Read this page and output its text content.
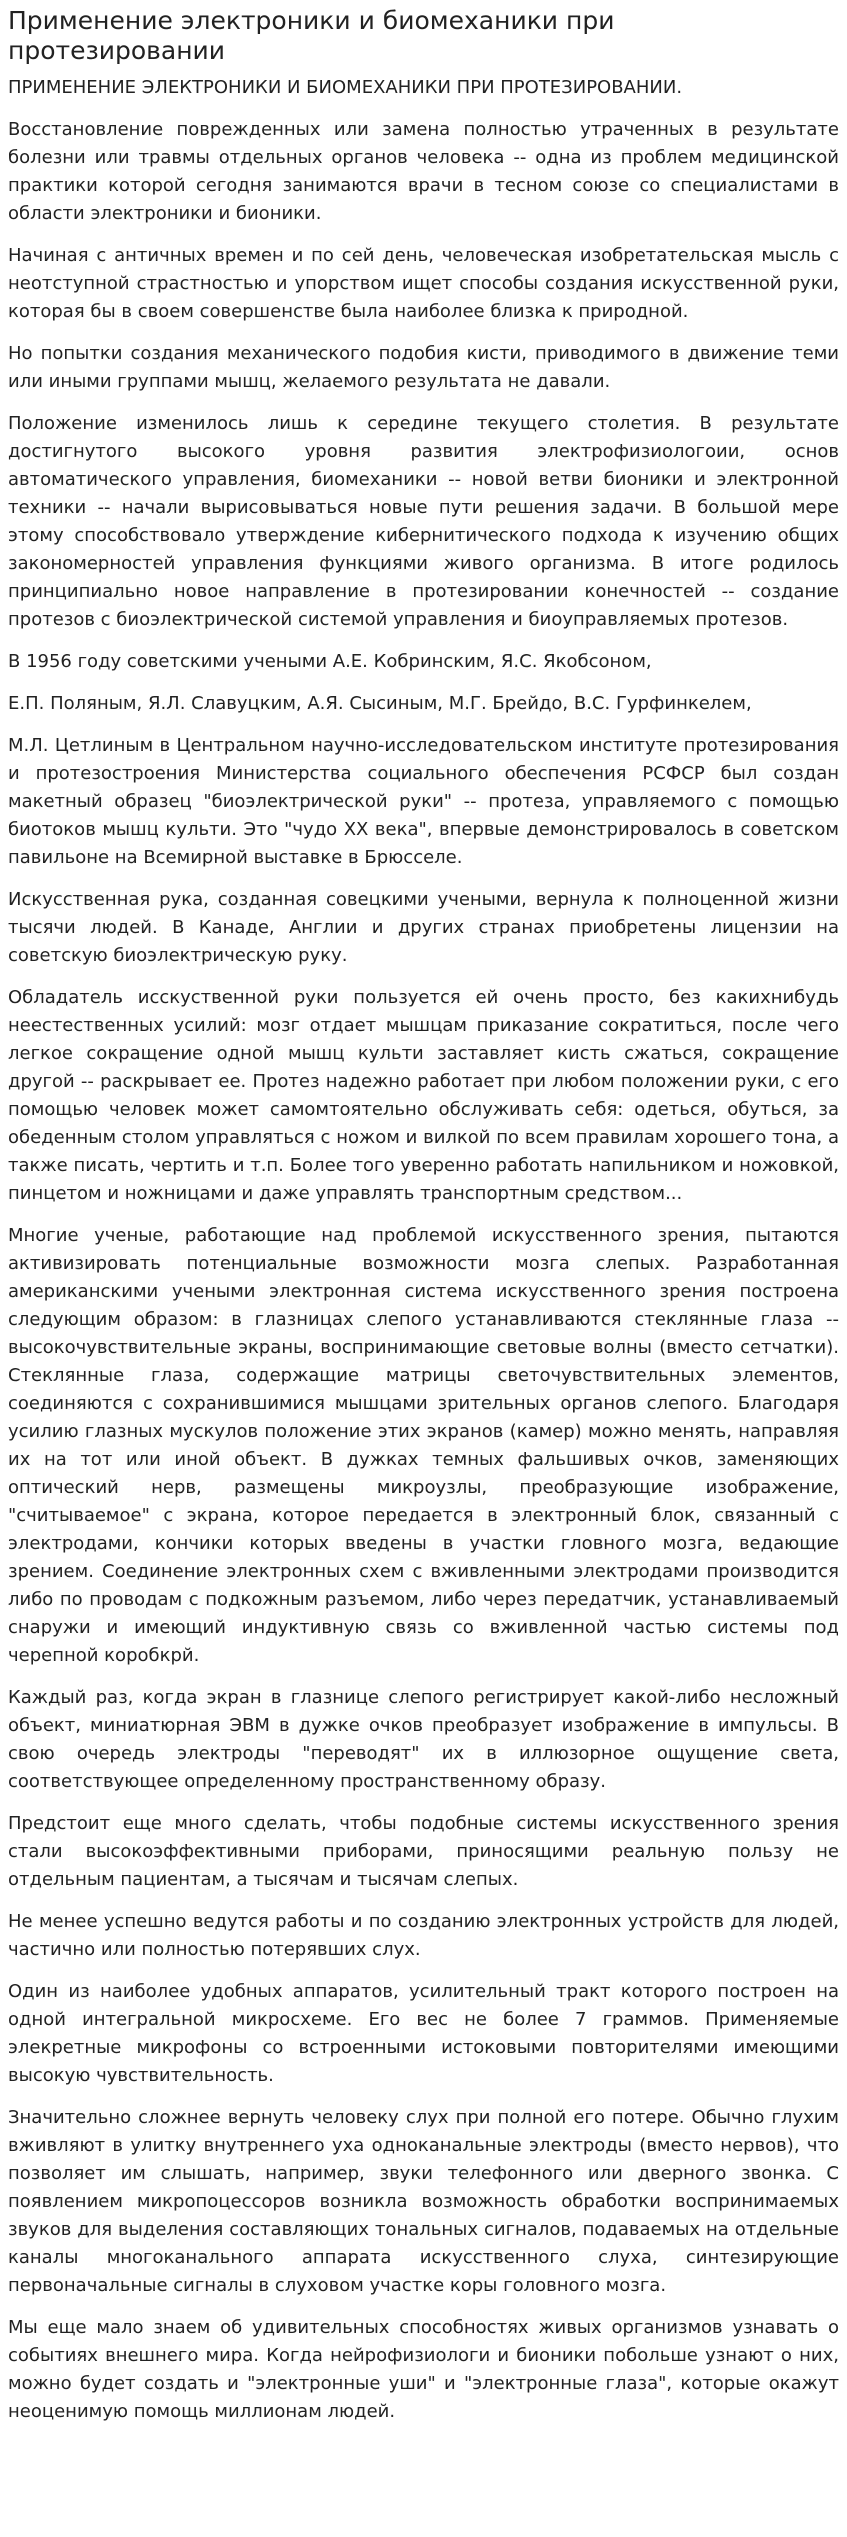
Применение электроники и биомеханики при протезировании
ПРИМЕНЕНИЕ ЭЛЕКТРОНИКИ И БИОМЕХАНИКИ ПРИ ПРОТЕЗИРОВАНИИ.

Восстановление поврежденных или замена полностью утраченных в результате болезни или травмы отдельных органов человека -- одна из проблем медицинской практики которой сегодня занимаются врачи в тесном союзе со специалистами в области электроники и бионики.

Начиная с античных времен и по сей день, человеческая изобретательская мысль с неотступной страстностью и упорством ищет способы создания искусственной руки, которая бы в своем совершенстве была наиболее близка к природной.

Но попытки создания механического подобия кисти, приводимого в движение теми или иными группами мышц, желаемого результата не давали.

Положение изменилось лишь к середине текущего столетия. В результате достигнутого высокого уровня развития электрофизиологоии, основ автоматического управления, биомеханики -- новой ветви бионики и электронной техники -- начали вырисовываться новые пути решения задачи. В большой мере этому способствовало утверждение кибернитического подхода к изучению общих закономерностей управления функциями живого организма. В итоге родилось принципиально новое направление в протезировании конечностей -- создание протезов с биоэлектрической системой управления и биоуправляемых протезов.

В 1956 году советскими учеными А.Е. Кобринским, Я.С. Якобсоном,

Е.П. Поляным, Я.Л. Славуцким, А.Я. Сысиным, М.Г. Брейдо, В.С. Гурфинкелем,

М.Л. Цетлиным в Центральном научно-исследовательском институте протезирования и протезостроения Министерства социального обеспечения РСФСР был создан макетный образец "биоэлектрической руки" -- протеза, управляемого с помощью биотоков мышц культи. Это "чудо XX века", впервые демонстрировалось в советском павильоне на Всемирной выставке в Брюсселе.

Искусственная рука, созданная совецкими учеными, вернула к полноценной жизни тысячи людей. В Канаде, Англии и других странах приобретены лицензии на советскую биоэлектрическую руку.

Обладатель исскуственной руки пользуется ей очень просто, без какихнибудь неестественных усилий: мозг отдает мышцам приказание сократиться, после чего легкое сокращение одной мышц культи заставляет кисть сжаться, сокращение другой -- раскрывает ее. Протез надежно работает при любом положении руки, с его помощью человек может самомтоятельно обслуживать себя: одеться, обуться, за обеденным столом управляться с ножом и вилкой по всем правилам хорошего тона, а также писать, чертить и т.п. Более того уверенно работать напильником и ножовкой, пинцетом и ножницами и даже управлять транспортным средством...

Многие ученые, работающие над проблемой искусственного зрения, пытаются активизировать потенциальные возможности мозга слепых. Разработанная американскими учеными электронная система искусственного зрения построена следующим образом: в глазницах слепого устанавливаются стеклянные глаза -- высокочувствительные экраны, воспринимающие световые волны (вместо сетчатки). Стеклянные глаза, содержащие матрицы светочувствительных элементов, соединяются с сохранившимися мышцами зрительных органов слепого. Благодаря усилию глазных мускулов положение этих экранов (камер) можно менять, направляя их на тот или иной объект. В дужках темных фальшивых очков, заменяющих оптический нерв, размещены микроузлы, преобразующие изображение, "считываемое" с экрана, которое передается в электронный блок, связанный с электродами, кончики которых введены в участки гловного мозга, ведающие зрением. Соединение электронных схем с вживленными электродами производится либо по проводам с подкожным разъемом, либо через передатчик, устанавливаемый снаружи и имеющий индуктивную связь со вживленной частью системы под черепной коробкрй.

Каждый раз, когда экран в глазнице слепого регистрирует какой-либо несложный объект, миниатюрная ЭВМ в дужке очков преобразует изображение в импульсы. В свою очередь электроды "переводят" их в иллюзорное ощущение света, соответствующее определенному пространственному образу.

Предстоит еще много сделать, чтобы подобные системы искусственного зрения стали высокоэффективными приборами, приносящими реальную пользу не отдельным пациентам, а тысячам и тысячам слепых.

Не менее успешно ведутся работы и по созданию электронных устройств для людей, частично или полностью потерявших слух.

Один из наиболее удобных аппаратов, усилительный тракт которого построен на одной интегральной микросхеме. Его вес не более 7 граммов. Применяемые элекретные микрофоны со встроенными истоковыми повторителями имеющими высокую чувствительность.

Значительно сложнее вернуть человеку слух при полной его потере. Обычно глухим вживляют в улитку внутреннего уха одноканальные электроды (вместо нервов), что позволяет им слышать, например, звуки телефонного или дверного звонка. С появлением микропоцессоров возникла возможность обработки воспринимаемых звуков для выделения составляющих тональных сигналов, подаваемых на отдельные каналы многоканального аппарата искусственного слуха, синтезирующие первоначальные сигналы в слуховом участке коры головного мозга.

Мы еще мало знаем об удивительных способностях живых организмов узнавать о событиях внешнего мира. Когда нейрофизиологи и бионики побольше узнают о них, можно будет создать и "электронные уши" и "электронные глаза", которые окажут неоценимую помощь миллионам людей.
